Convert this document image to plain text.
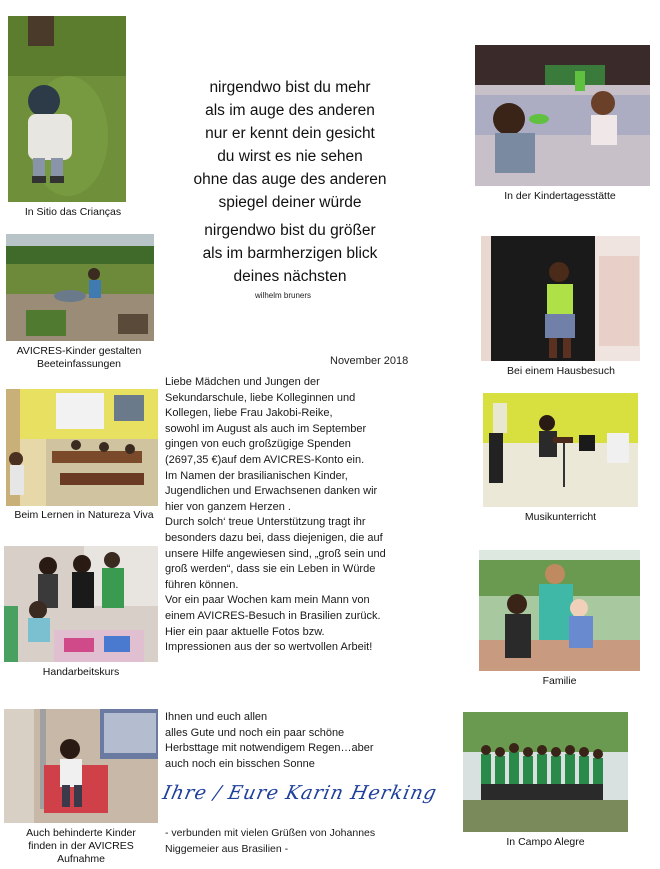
In Sitio das Crianças
AVICRES-Kinder gestalten
Beeteinfassungen
Beim Lernen in Natureza Viva
Handarbeitskurs
Auch behinderte Kinder
finden in der AVICRES
Aufnahme
In der Kindertagesstätte
Bei einem Hausbesuch
Musikunterricht
Familie
In Campo Alegre
nirgendwo bist du mehr
als im auge des anderen
nur er kennt dein gesicht
du wirst es nie sehen
ohne das auge des anderen
spiegel deiner würde
nirgendwo bist du größer
als im barmherzigen blick
deines nächsten
wilhelm bruners
November 2018
Liebe Mädchen und Jungen der
Sekundarschule, liebe Kolleginnen und
Kollegen, liebe Frau Jakobi-Reike,
sowohl im August als auch im September
gingen von euch großzügige Spenden
(2697,35 €)auf dem AVICRES-Konto ein.
Im Namen der brasilianischen Kinder,
Jugendlichen und Erwachsenen danken wir
hier von ganzem Herzen .
Durch solch‘ treue Unterstützung tragt ihr
besonders dazu bei, dass diejenigen, die auf
unsere Hilfe angewiesen sind, „groß sein und
groß werden“, dass sie ein Leben in Würde
führen können.
Vor ein paar Wochen kam mein Mann von
einem AVICRES-Besuch in Brasilien zurück.
Hier ein paar aktuelle Fotos bzw.
Impressionen aus der so wertvollen Arbeit!
Ihnen und euch allen
alles Gute und noch ein paar schöne
Herbsttage mit notwendigem Regen…aber
auch noch ein bisschen Sonne
Ihre / Eure Karin Herking
- verbunden mit vielen Grüßen von Johannes
Niggemeier aus Brasilien -
